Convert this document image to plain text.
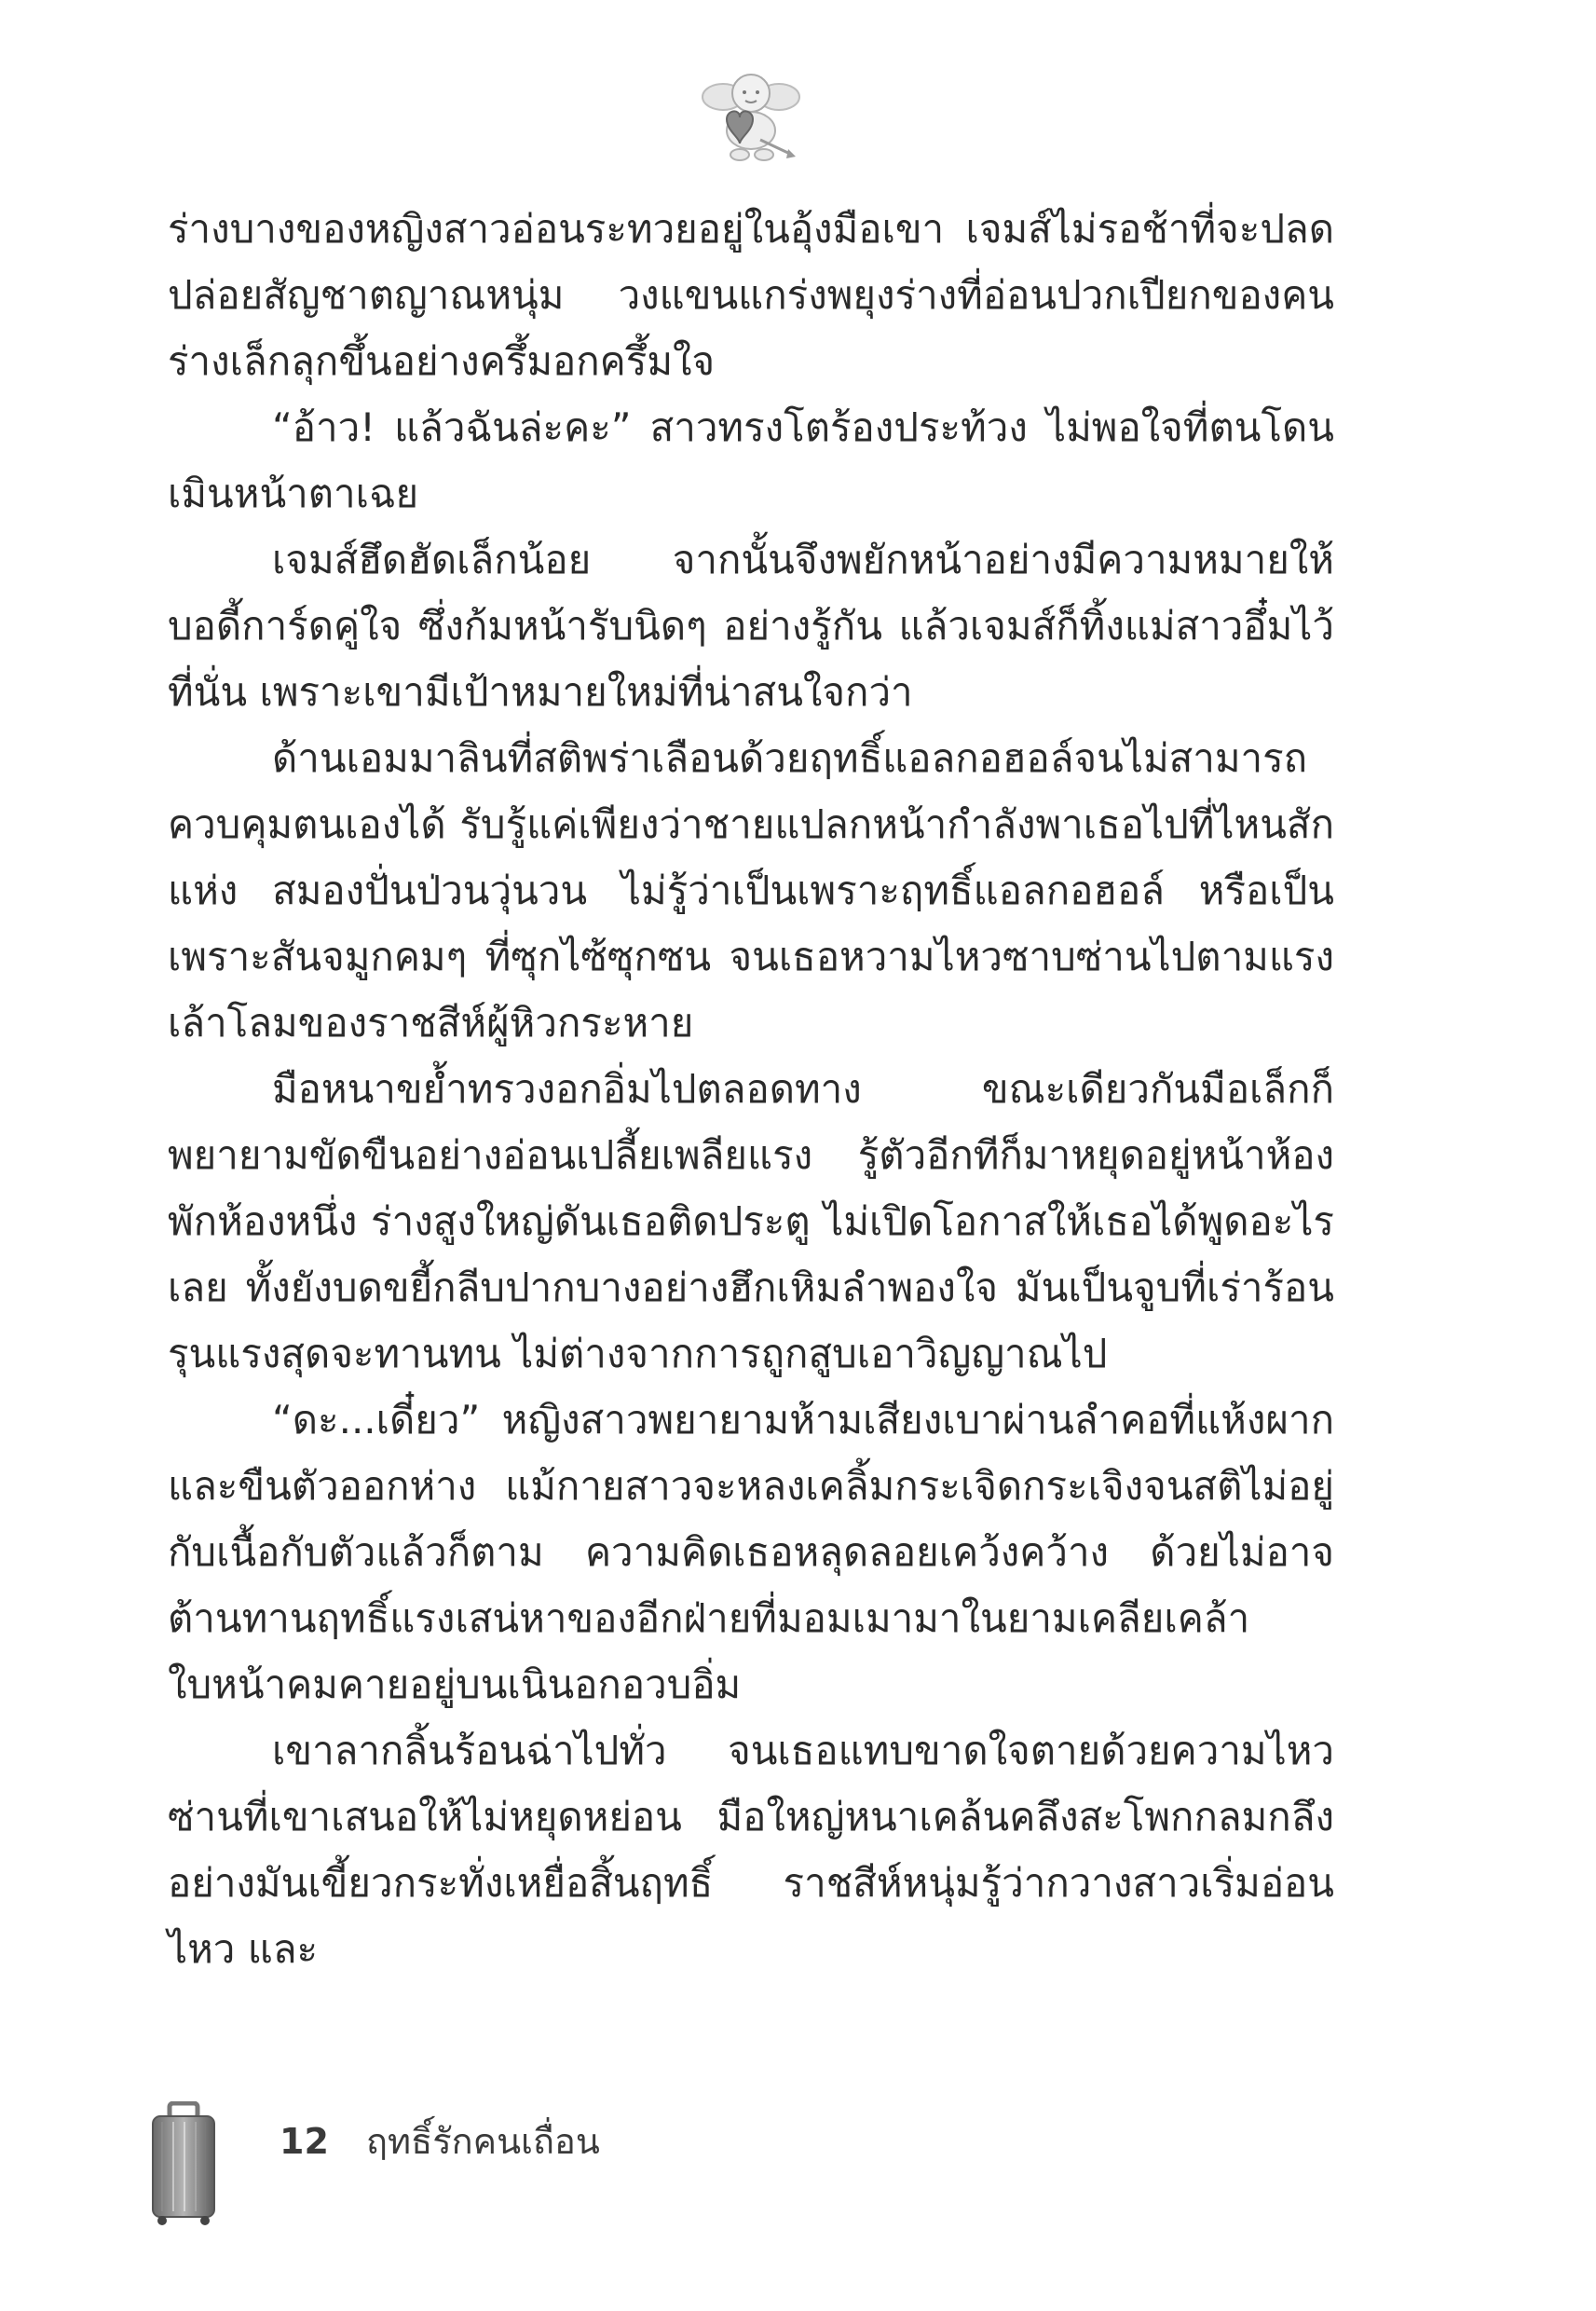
ร่างบางของหญิงสาวอ่อนระทวยอยู่ในอุ้งมือเขา เจมส์ไม่รอช้าที่จะปลดปล่อยสัญชาตญาณหนุ่ม วงแขนแกร่งพยุงร่างที่อ่อนปวกเปียกของคนร่างเล็กลุกขึ้นอย่างครึ้มอกครึ้มใจ

“อ้าว! แล้วฉันล่ะคะ” สาวทรงโตร้องประท้วง ไม่พอใจที่ตนโดนเมินหน้าตาเฉย

เจมส์ฮึดฮัดเล็กน้อย จากนั้นจึงพยักหน้าอย่างมีความหมายให้บอดี้การ์ดคู่ใจ ซึ่งก้มหน้ารับนิดๆ อย่างรู้กัน แล้วเจมส์ก็ทิ้งแม่สาวอึ๋มไว้ที่นั่น เพราะเขามีเป้าหมายใหม่ที่น่าสนใจกว่า

ด้านเอมมาลินที่สติพร่าเลือนด้วยฤทธิ์แอลกอฮอล์จนไม่สามารถควบคุมตนเองได้ รับรู้แค่เพียงว่าชายแปลกหน้ากำลังพาเธอไปที่ไหนสักแห่ง สมองปั่นป่วนวุ่นวน ไม่รู้ว่าเป็นเพราะฤทธิ์แอลกอฮอล์ หรือเป็นเพราะสันจมูกคมๆ ที่ซุกไซ้ซุกซน จนเธอหวามไหวซาบซ่านไปตามแรงเล้าโลมของราชสีห์ผู้หิวกระหาย

มือหนาขย้ำทรวงอกอิ่มไปตลอดทาง ขณะเดียวกันมือเล็กก็พยายามขัดขืนอย่างอ่อนเปลี้ยเพลียแรง รู้ตัวอีกทีก็มาหยุดอยู่หน้าห้องพักห้องหนึ่ง ร่างสูงใหญ่ดันเธอติดประตู ไม่เปิดโอกาสให้เธอได้พูดอะไรเลย ทั้งยังบดขยี้กลีบปากบางอย่างฮึกเหิมลำพองใจ มันเป็นจูบที่เร่าร้อนรุนแรงสุดจะทานทน ไม่ต่างจากการถูกสูบเอาวิญญาณไป

“ดะ...เดี๋ยว” หญิงสาวพยายามห้ามเสียงเบาผ่านลำคอที่แห้งผากและขืนตัวออกห่าง แม้กายสาวจะหลงเคลิ้มกระเจิดกระเจิงจนสติไม่อยู่กับเนื้อกับตัวแล้วก็ตาม ความคิดเธอหลุดลอยเคว้งคว้าง ด้วยไม่อาจต้านทานฤทธิ์แรงเสน่หาของอีกฝ่ายที่มอมเมามาในยามเคลียเคล้าใบหน้าคมคายอยู่บนเนินอกอวบอิ่ม

เขาลากลิ้นร้อนฉ่าไปทั่ว จนเธอแทบขาดใจตายด้วยความไหวซ่านที่เขาเสนอให้ไม่หยุดหย่อน มือใหญ่หนาเคล้นคลึงสะโพกกลมกลึงอย่างมันเขี้ยวกระทั่งเหยื่อสิ้นฤทธิ์ ราชสีห์หนุ่มรู้ว่ากวางสาวเริ่มอ่อนไหว และ

12 ฤทธิ์รักคนเถื่อน
